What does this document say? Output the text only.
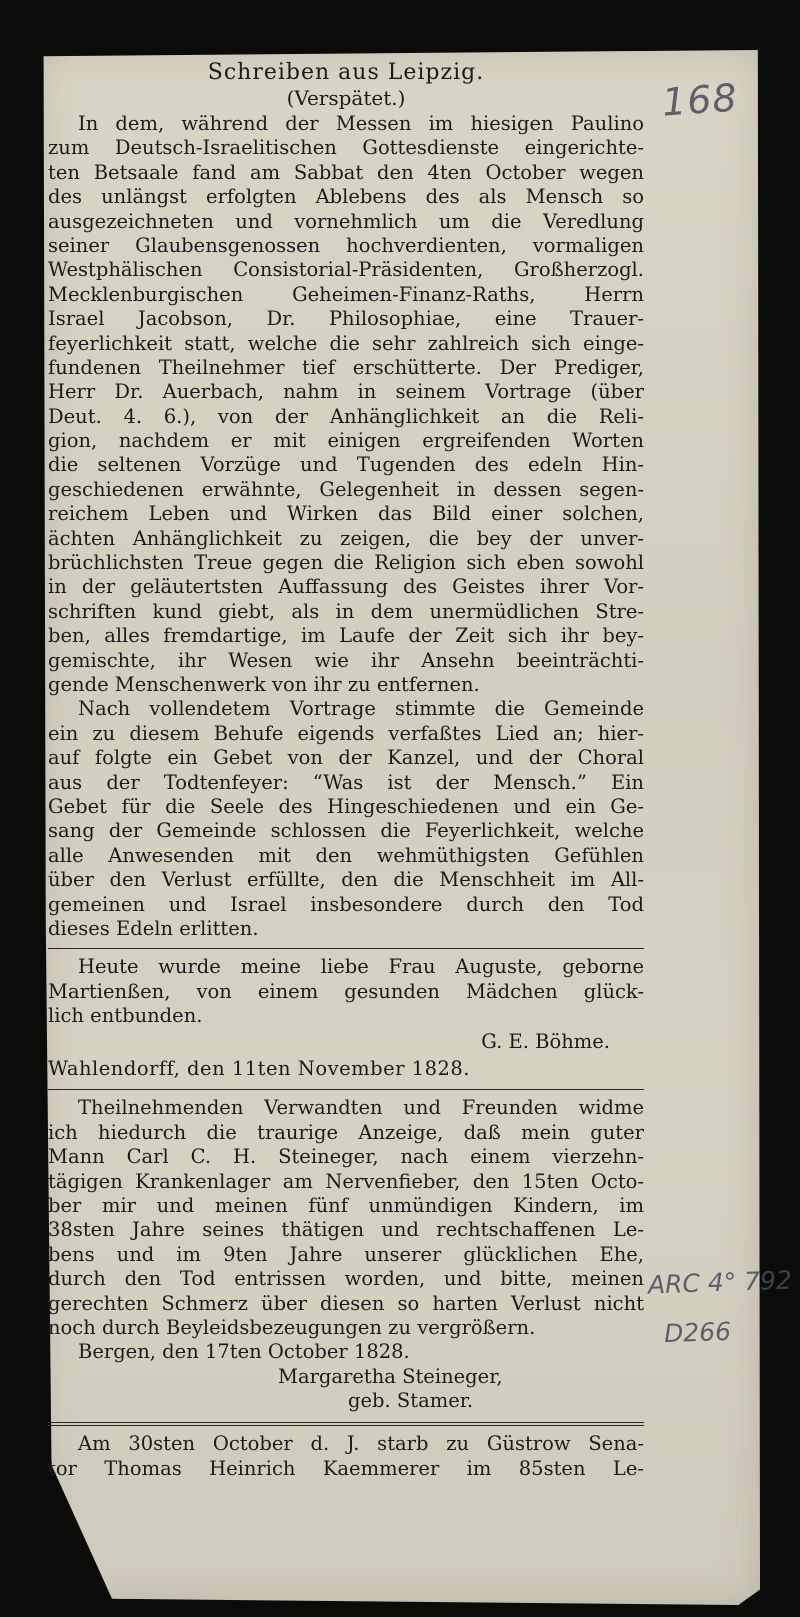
Schreiben aus Leipzig.
(Verspätet.)
In dem, während der Messen im hiesigen Paulino
zum Deutsch-Israelitischen Gottesdienste eingerichte-
ten Betsaale fand am Sabbat den 4ten October wegen
des unlängst erfolgten Ablebens des als Mensch so
ausgezeichneten und vornehmlich um die Veredlung
seiner Glaubensgenossen hochverdienten, vormaligen
Westphälischen Consistorial-Präsidenten, Großherzogl.
Mecklenburgischen Geheimen-Finanz-Raths, Herrn
Israel Jacobson, Dr. Philosophiae, eine Trauer-
feyerlichkeit statt, welche die sehr zahlreich sich einge-
fundenen Theilnehmer tief erschütterte. Der Prediger,
Herr Dr. Auerbach, nahm in seinem Vortrage (über
Deut. 4. 6.), von der Anhänglichkeit an die Reli-
gion, nachdem er mit einigen ergreifenden Worten
die seltenen Vorzüge und Tugenden des edeln Hin-
geschiedenen erwähnte, Gelegenheit in dessen segen-
reichem Leben und Wirken das Bild einer solchen,
ächten Anhänglichkeit zu zeigen, die bey der unver-
brüchlichsten Treue gegen die Religion sich eben sowohl
in der geläutertsten Auffassung des Geistes ihrer Vor-
schriften kund giebt, als in dem unermüdlichen Stre-
ben, alles fremdartige, im Laufe der Zeit sich ihr bey-
gemischte, ihr Wesen wie ihr Ansehn beeinträchti-
gende Menschenwerk von ihr zu entfernen.
Nach vollendetem Vortrage stimmte die Gemeinde
ein zu diesem Behufe eigends verfaßtes Lied an; hier-
auf folgte ein Gebet von der Kanzel, und der Choral
aus der Todtenfeyer: “Was ist der Mensch.” Ein
Gebet für die Seele des Hingeschiedenen und ein Ge-
sang der Gemeinde schlossen die Feyerlichkeit, welche
alle Anwesenden mit den wehmüthigsten Gefühlen
über den Verlust erfüllte, den die Menschheit im All-
gemeinen und Israel insbesondere durch den Tod
dieses Edeln erlitten.
Heute wurde meine liebe Frau Auguste, geborne
Martienßen, von einem gesunden Mädchen glück-
lich entbunden.
G. E. Böhme.
Wahlendorff, den 11ten November 1828.
Theilnehmenden Verwandten und Freunden widme
ich hiedurch die traurige Anzeige, daß mein guter
Mann Carl C. H. Steineger, nach einem vierzehn-
tägigen Krankenlager am Nervenfieber, den 15ten Octo-
ber mir und meinen fünf unmündigen Kindern, im
38sten Jahre seines thätigen und rechtschaffenen Le-
bens und im 9ten Jahre unserer glücklichen Ehe,
durch den Tod entrissen worden, und bitte, meinen
gerechten Schmerz über diesen so harten Verlust nicht
noch durch Beyleidsbezeugungen zu vergrößern.
Bergen, den 17ten October 1828.
Margaretha Steineger,
geb. Stamer.
Am 30sten October d. J. starb zu Güstrow Sena-
tor Thomas Heinrich Kaemmerer im 85sten Le-
168
ARC 4° 792
D266
